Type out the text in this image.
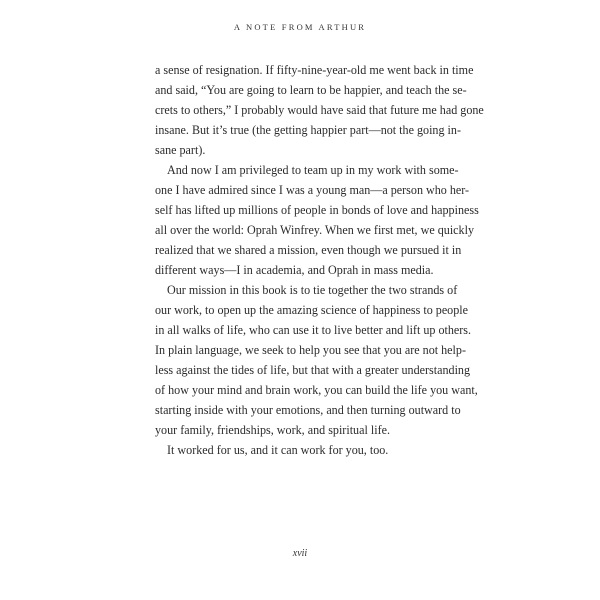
A NOTE FROM ARTHUR

a sense of resignation. If fifty-nine-year-old me went back in time
and said, “You are going to learn to be happier, and teach the se-
crets to others,” I probably would have said that future me had gone
insane. But it’s true (the getting happier part—not the going in-
sane part).

And now I am privileged to team up in my work with some-
one I have admired since I was a young man—a person who her-
self has lifted up millions of people in bonds of love and happiness
all over the world: Oprah Winfrey. When we first met, we quickly
realized that we shared a mission, even though we pursued it in
different ways—I in academia, and Oprah in mass media.

Our mission in this book is to tie together the two strands of
our work, to open up the amazing science of happiness to people
in all walks of life, who can use it to live better and lift up others.
In plain language, we seek to help you see that you are not help-
less against the tides of life, but that with a greater understanding
of how your mind and brain work, you can build the life you want,
starting inside with your emotions, and then turning outward to
your family, friendships, work, and spiritual life.

It worked for us, and it can work for you, too.

xvii
